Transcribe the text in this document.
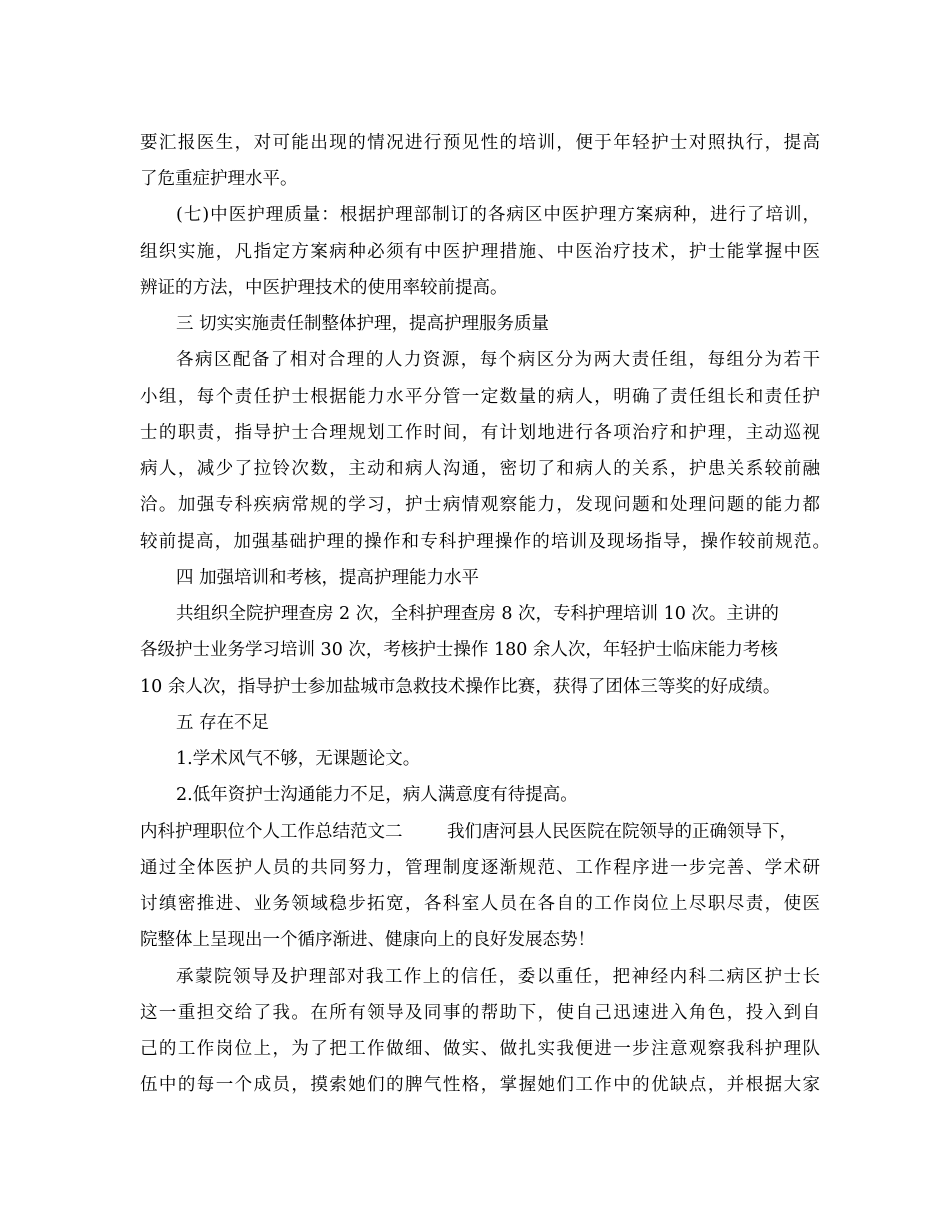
要汇报医生，对可能出现的情况进行预见性的培训，便于年轻护士对照执行，提高
了危重症护理水平。
(七)中医护理质量：根据护理部制订的各病区中医护理方案病种，进行了培训，
组织实施，凡指定方案病种必须有中医护理措施、中医治疗技术，护士能掌握中医
辨证的方法，中医护理技术的使用率较前提高。
三 切实实施责任制整体护理，提高护理服务质量
各病区配备了相对合理的人力资源，每个病区分为两大责任组，每组分为若干
小组，每个责任护士根据能力水平分管一定数量的病人，明确了责任组长和责任护
士的职责，指导护士合理规划工作时间，有计划地进行各项治疗和护理，主动巡视
病人，减少了拉铃次数，主动和病人沟通，密切了和病人的关系，护患关系较前融
洽。加强专科疾病常规的学习，护士病情观察能力，发现问题和处理问题的能力都
较前提高，加强基础护理的操作和专科护理操作的培训及现场指导，操作较前规范。
四 加强培训和考核，提高护理能力水平
共组织全院护理查房 2 次，全科护理查房 8 次，专科护理培训 10 次。主讲的
各级护士业务学习培训 30 次，考核护士操作 180 余人次，年轻护士临床能力考核
10 余人次，指导护士参加盐城市急救技术操作比赛，获得了团体三等奖的好成绩。
五 存在不足
1.学术风气不够，无课题论文。
2.低年资护士沟通能力不足，病人满意度有待提高。
内科护理职位个人工作总结范文二        我们唐河县人民医院在院领导的正确领导下，
通过全体医护人员的共同努力，管理制度逐渐规范、工作程序进一步完善、学术研
讨缜密推进、业务领域稳步拓宽，各科室人员在各自的工作岗位上尽职尽责，使医
院整体上呈现出一个循序渐进、健康向上的良好发展态势！
承蒙院领导及护理部对我工作上的信任，委以重任，把神经内科二病区护士长
这一重担交给了我。在所有领导及同事的帮助下，使自己迅速进入角色，投入到自
己的工作岗位上，为了把工作做细、做实、做扎实我便进一步注意观察我科护理队
伍中的每一个成员，摸索她们的脾气性格，掌握她们工作中的优缺点，并根据大家
